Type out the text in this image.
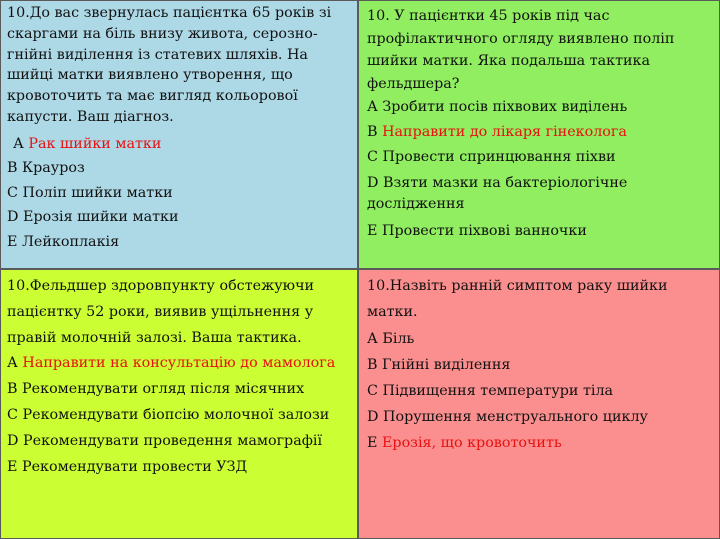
10.До вас звернулась пацієнтка 65 років зі скаргами на біль внизу живота, серозно-гнійні виділення із статевих шляхів. На шийці матки виявлено утворення, що кровоточить та має вигляд кольорової капусти. Ваш діагноз.

А Рак шийки матки

В Крауроз

С Поліп шийки матки

D Ерозія шийки матки

Е Лейкоплакія

10. У пацієнтки 45 років під час профілактичного огляду виявлено поліп шийки матки. Яка подальша тактика фельдшера?

А Зробити посів піхвових виділень

В Направити до лікаря гінеколога

С Провести спринцювання піхви

D Взяти мазки на бактеріологічне дослідження

Е Провести піхвові ванночки

10.Фельдшер здоровпункту обстежуючи пацієнтку 52 роки, виявив ущільнення у правій молочній залозі. Ваша тактика.

А Направити на консультацію до мамолога

В Рекомендувати огляд після місячних

С Рекомендувати біопсію молочної залози

D Рекомендувати проведення мамографії

Е Рекомендувати провести УЗД

10.Назвіть ранній симптом раку шийки матки.

А Біль

В Гнійні виділення

С Підвищення температури тіла

D Порушення менструального циклу

Е Ерозія, що кровоточить
